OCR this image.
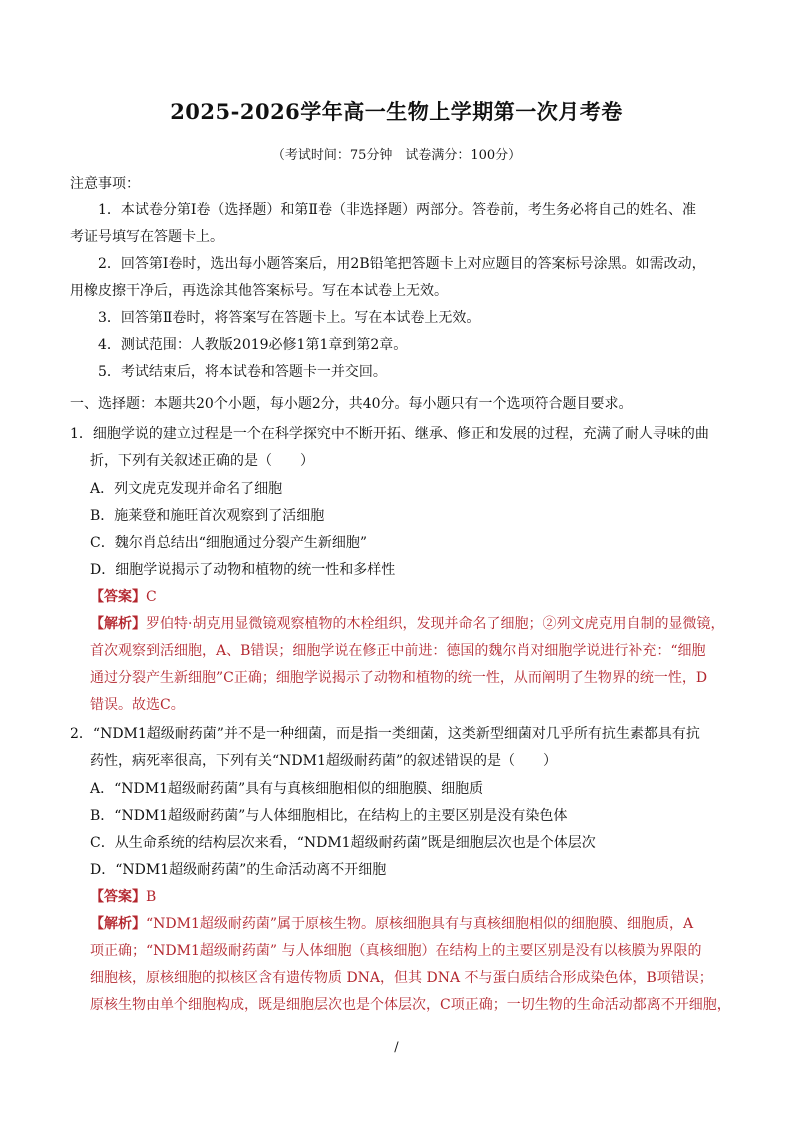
2025-2026学年高一生物上学期第一次月考卷
（考试时间：75分钟　试卷满分：100分）
注意事项：
1．本试卷分第Ⅰ卷（选择题）和第Ⅱ卷（非选择题）两部分。答卷前，考生务必将自己的姓名、准
考证号填写在答题卡上。
2．回答第Ⅰ卷时，选出每小题答案后，用2B铅笔把答题卡上对应题目的答案标号涂黑。如需改动，
用橡皮擦干净后，再选涂其他答案标号。写在本试卷上无效。
3．回答第Ⅱ卷时，将答案写在答题卡上。写在本试卷上无效。
4．测试范围：人教版2019必修1第1章到第2章。
5．考试结束后，将本试卷和答题卡一并交回。
一、选择题：本题共20个小题，每小题2分，共40分。每小题只有一个选项符合题目要求。
1．细胞学说的建立过程是一个在科学探究中不断开拓、继承、修正和发展的过程，充满了耐人寻味的曲
折，下列有关叙述正确的是（　　）
A．列文虎克发现并命名了细胞
B．施莱登和施旺首次观察到了活细胞
C．魏尔肖总结出“细胞通过分裂产生新细胞”
D．细胞学说揭示了动物和植物的统一性和多样性
【答案】C
【解析】罗伯特·胡克用显微镜观察植物的木栓组织，发现并命名了细胞；②列文虎克用自制的显微镜，
首次观察到活细胞，A、B错误；细胞学说在修正中前进：德国的魏尔肖对细胞学说进行补充：“细胞
通过分裂产生新细胞”C正确；细胞学说揭示了动物和植物的统一性，从而阐明了生物界的统一性，D
错误。故选C。
2．“NDM1超级耐药菌”并不是一种细菌，而是指一类细菌，这类新型细菌对几乎所有抗生素都具有抗
药性，病死率很高，下列有关“NDM1超级耐药菌”的叙述错误的是（　　）
A．“NDM1超级耐药菌”具有与真核细胞相似的细胞膜、细胞质
B．“NDM1超级耐药菌”与人体细胞相比，在结构上的主要区别是没有染色体
C．从生命系统的结构层次来看，“NDM1超级耐药菌”既是细胞层次也是个体层次
D．“NDM1超级耐药菌”的生命活动离不开细胞
【答案】B
【解析】“NDM1超级耐药菌”属于原核生物。原核细胞具有与真核细胞相似的细胞膜、细胞质，A
项正确；“NDM1超级耐药菌” 与人体细胞（真核细胞）在结构上的主要区别是没有以核膜为界限的
细胞核，原核细胞的拟核区含有遗传物质 DNA，但其 DNA 不与蛋白质结合形成染色体，B项错误；
原核生物由单个细胞构成，既是细胞层次也是个体层次，C项正确；一切生物的生命活动都离不开细胞，
/
